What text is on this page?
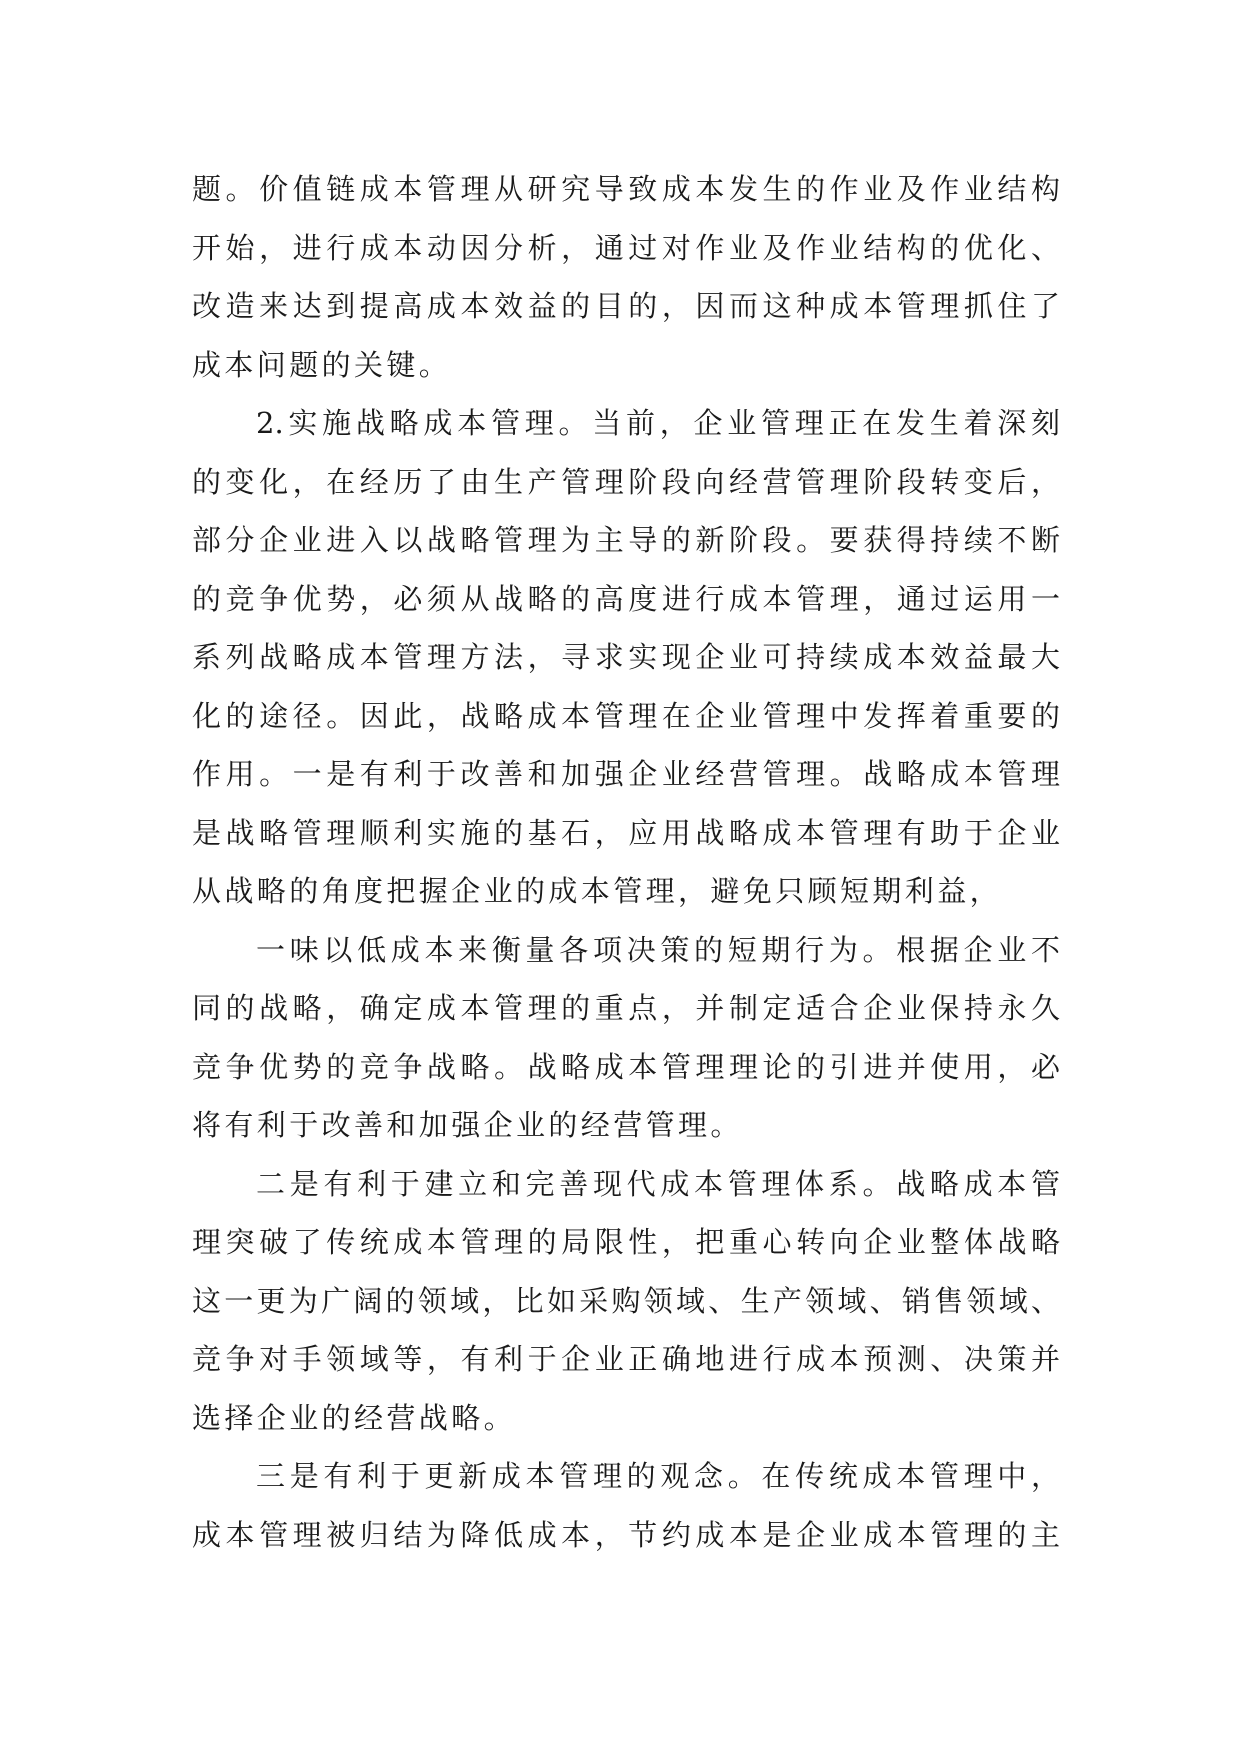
题。价值链成本管理从研究导致成本发生的作业及作业结构
开始，进行成本动因分析，通过对作业及作业结构的优化、
改造来达到提高成本效益的目的，因而这种成本管理抓住了
成本问题的关键。
2.实施战略成本管理。当前，企业管理正在发生着深刻
的变化，在经历了由生产管理阶段向经营管理阶段转变后，
部分企业进入以战略管理为主导的新阶段。要获得持续不断
的竞争优势，必须从战略的高度进行成本管理，通过运用一
系列战略成本管理方法，寻求实现企业可持续成本效益最大
化的途径。因此，战略成本管理在企业管理中发挥着重要的
作用。一是有利于改善和加强企业经营管理。战略成本管理
是战略管理顺利实施的基石，应用战略成本管理有助于企业
从战略的角度把握企业的成本管理，避免只顾短期利益，
一味以低成本来衡量各项决策的短期行为。根据企业不
同的战略，确定成本管理的重点，并制定适合企业保持永久
竞争优势的竞争战略。战略成本管理理论的引进并使用，必
将有利于改善和加强企业的经营管理。
二是有利于建立和完善现代成本管理体系。战略成本管
理突破了传统成本管理的局限性，把重心转向企业整体战略
这一更为广阔的领域，比如采购领域、生产领域、销售领域、
竞争对手领域等，有利于企业正确地进行成本预测、决策并
选择企业的经营战略。
三是有利于更新成本管理的观念。在传统成本管理中，
成本管理被归结为降低成本，节约成本是企业成本管理的主
